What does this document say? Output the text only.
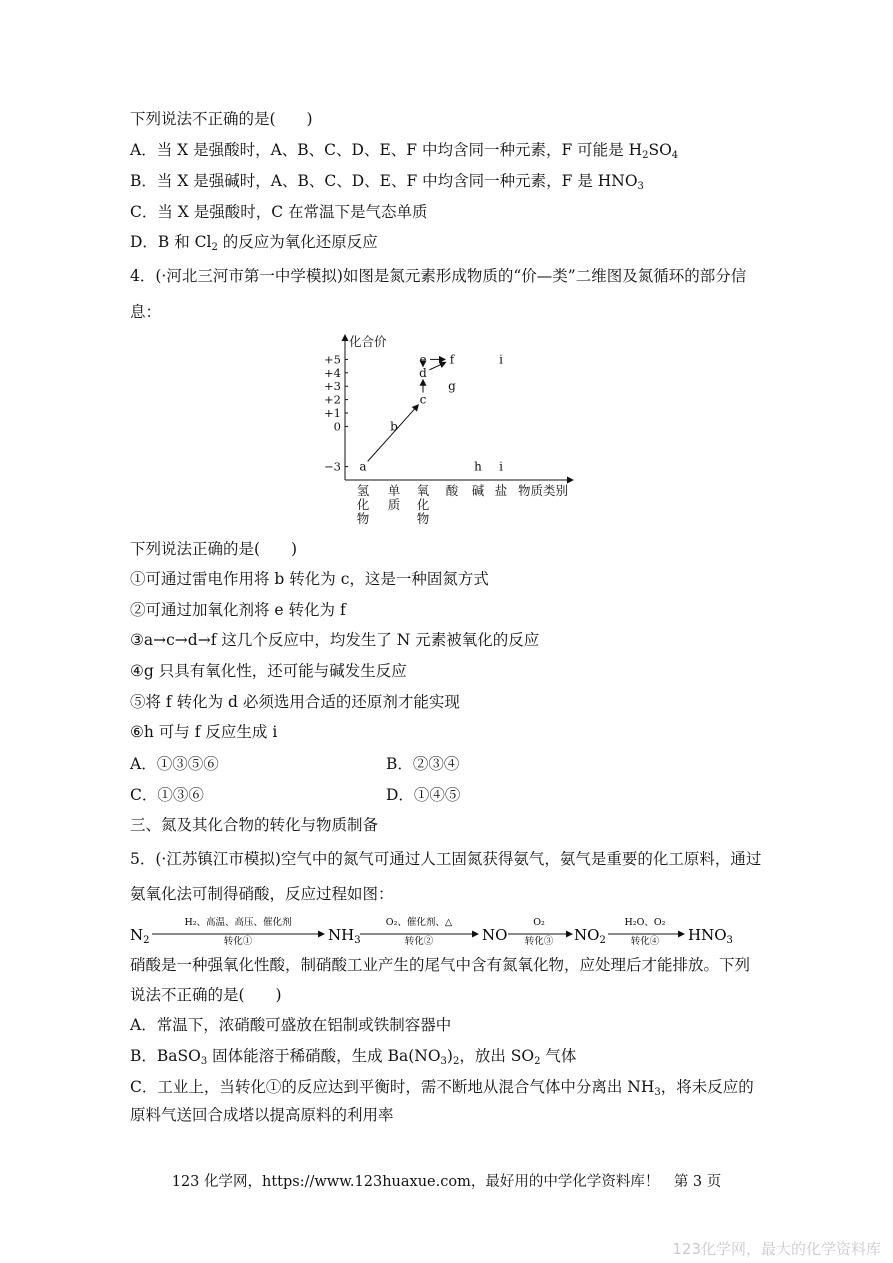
下列说法不正确的是(　　)
A．当 X 是强酸时，A、B、C、D、E、F 中均含同一种元素，F 可能是 $H_2SO_4$
B．当 X 是强碱时，A、B、C、D、E、F 中均含同一种元素，F 是 $HNO_3$
C．当 X 是强酸时，C 在常温下是气态单质
D．B 和 $Cl_2$ 的反应为氧化还原反应
4．(·河北三河市第一中学模拟)如图是氮元素形成物质的“价—类”二维图及氮循环的部分信
息：
化合价
物质类别
+5
+4
+3
+2
+1
0
−3
氢
化
物
单
质
氧
化
物
酸 碱 盐
a
b
c
d
e f
g
h i
i
下列说法正确的是(　　)
①可通过雷电作用将 b 转化为 c，这是一种固氮方式
②可通过加氧化剂将 e 转化为 f
③a→c→d→f 这几个反应中，均发生了 N 元素被氧化的反应
④g 只具有氧化性，还可能与碱发生反应
⑤将 f 转化为 d 必须选用合适的还原剂才能实现
⑥h 可与 f 反应生成 i
A．①③⑤⑥	B．②③④
C．①③⑥	D．①④⑤
三、氮及其化合物的转化与物质制备
5．(·江苏镇江市模拟)空气中的氮气可通过人工固氮获得氨气，氨气是重要的化工原料，通过
氨氧化法可制得硝酸，反应过程如图：
$N_2$
H₂、高温、高压、催化剂
转化①	$NH_3$
O₂、催化剂、△
转化②	NO
O₂
转化③ $NO_2$
H₂O、O₂
转化④ $HNO_3$
硝酸是一种强氧化性酸，制硝酸工业产生的尾气中含有氮氧化物，应处理后才能排放。下列
说法不正确的是(　　)
A．常温下，浓硝酸可盛放在铝制或铁制容器中
B．BaSO$_3$ 固体能溶于稀硝酸，生成 $Ba(NO_3)_2$，放出 $SO_2$ 气体
C．工业上，当转化①的反应达到平衡时，需不断地从混合气体中分离出 $NH_3$，将未反应的
原料气送回合成塔以提高原料的利用率
123 化学网，https://www.123huaxue.com，最好用的中学化学资料库！　第 3 页
123化学网，最大的化学资料库
